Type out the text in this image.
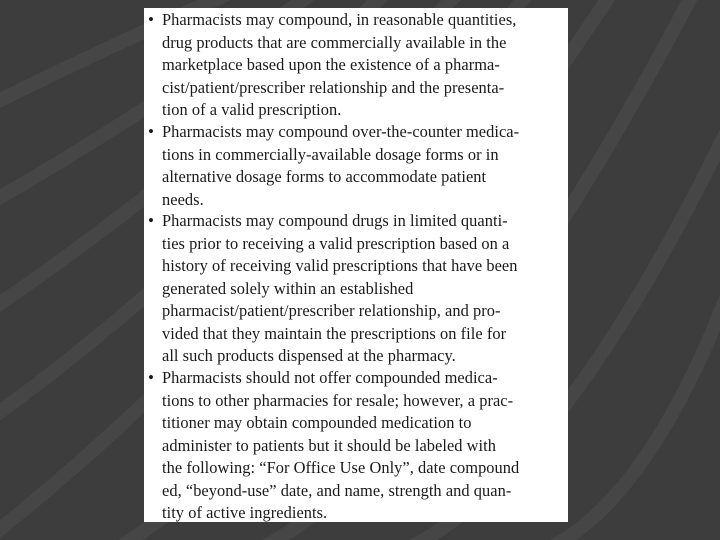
• Pharmacists may compound, in reasonable quantities,
drug products that are commercially available in the
marketplace based upon the existence of a pharma-
cist/patient/prescriber relationship and the presenta-
tion of a valid prescription.
• Pharmacists may compound over-the-counter medica-
tions in commercially-available dosage forms or in
alternative dosage forms to accommodate patient
needs.
• Pharmacists may compound drugs in limited quanti-
ties prior to receiving a valid prescription based on a
history of receiving valid prescriptions that have been
generated solely within an established
pharmacist/patient/prescriber relationship, and pro-
vided that they maintain the prescriptions on file for
all such products dispensed at the pharmacy.
• Pharmacists should not offer compounded medica-
tions to other pharmacies for resale; however, a prac-
titioner may obtain compounded medication to
administer to patients but it should be labeled with
the following: “For Office Use Only”, date compound
ed, “beyond-use” date, and name, strength and quan-
tity of active ingredients.
